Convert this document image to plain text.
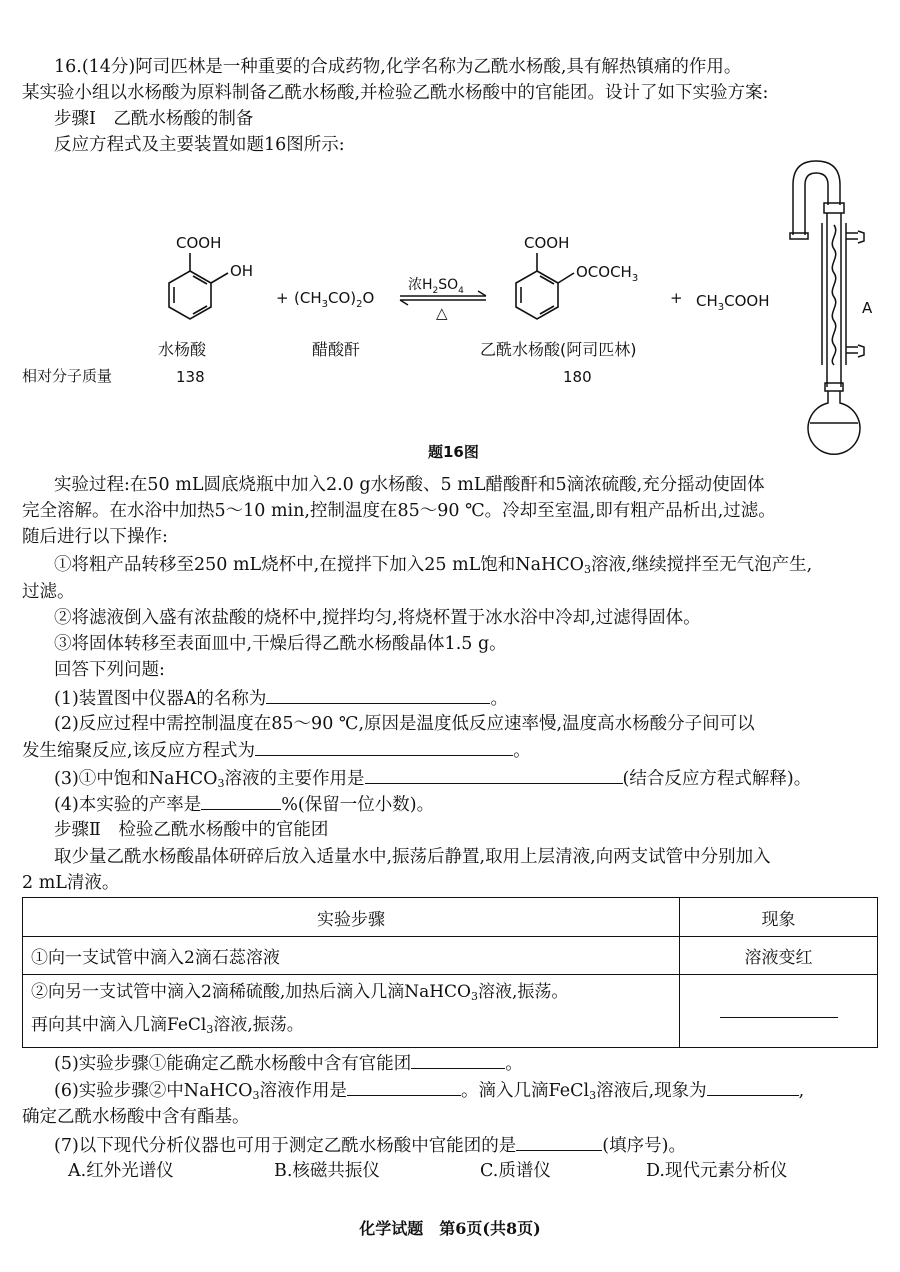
16.(14分)阿司匹林是一种重要的合成药物,化学名称为乙酰水杨酸,具有解热镇痛的作用。
某实验小组以水杨酸为原料制备乙酰水杨酸,并检验乙酰水杨酸中的官能团。设计了如下实验方案:
步骤Ⅰ　乙酰水杨酸的制备
反应方程式及主要装置如题16图所示:
COOH
OH
+ $(CH_3CO)_2O$
浓$H_2SO_4$
△
COOH
$OCOCH_3$
+ $CH_3COOH$
水杨酸	醋酸酐	乙酰水杨酸(阿司匹林)
相对分子质量	138	180
A
题16图
实验过程:在50 mL圆底烧瓶中加入2.0 g水杨酸、5 mL醋酸酐和5滴浓硫酸,充分摇动使固体
完全溶解。在水浴中加热5～10 min,控制温度在85～90 ℃。冷却至室温,即有粗产品析出,过滤。
随后进行以下操作:
①将粗产品转移至250 mL烧杯中,在搅拌下加入25 mL饱和NaHCO$_3$溶液,继续搅拌至无气泡产生,
过滤。
②将滤液倒入盛有浓盐酸的烧杯中,搅拌均匀,将烧杯置于冰水浴中冷却,过滤得固体。
③将固体转移至表面皿中,干燥后得乙酰水杨酸晶体1.5 g。
回答下列问题:
(1)装置图中仪器A的名称为	。
(2)反应过程中需控制温度在85～90 ℃,原因是温度低反应速率慢,温度高水杨酸分子间可以
发生缩聚反应,该反应方程式为	。
(3)①中饱和NaHCO$_3$溶液的主要作用是	(结合反应方程式解释)。
(4)本实验的产率是	%(保留一位小数)。
步骤Ⅱ　检验乙酰水杨酸中的官能团
取少量乙酰水杨酸晶体研碎后放入适量水中,振荡后静置,取用上层清液,向两支试管中分别加入
2 mL清液。
实验步骤	现象
①向一支试管中滴入2滴石蕊溶液	溶液变红
②向另一支试管中滴入2滴稀硫酸,加热后滴入几滴NaHCO$_3$溶液,振荡。
再向其中滴入几滴FeCl$_3$溶液,振荡。	
(5)实验步骤①能确定乙酰水杨酸中含有官能团	。
(6)实验步骤②中NaHCO$_3$溶液作用是	。滴入几滴FeCl$_3$溶液后,现象为	,
确定乙酰水杨酸中含有酯基。
(7)以下现代分析仪器也可用于测定乙酰水杨酸中官能团的是	(填序号)。
A.红外光谱仪	B.核磁共振仪	C.质谱仪	D.现代元素分析仪
化学试题　第6页(共8页)
